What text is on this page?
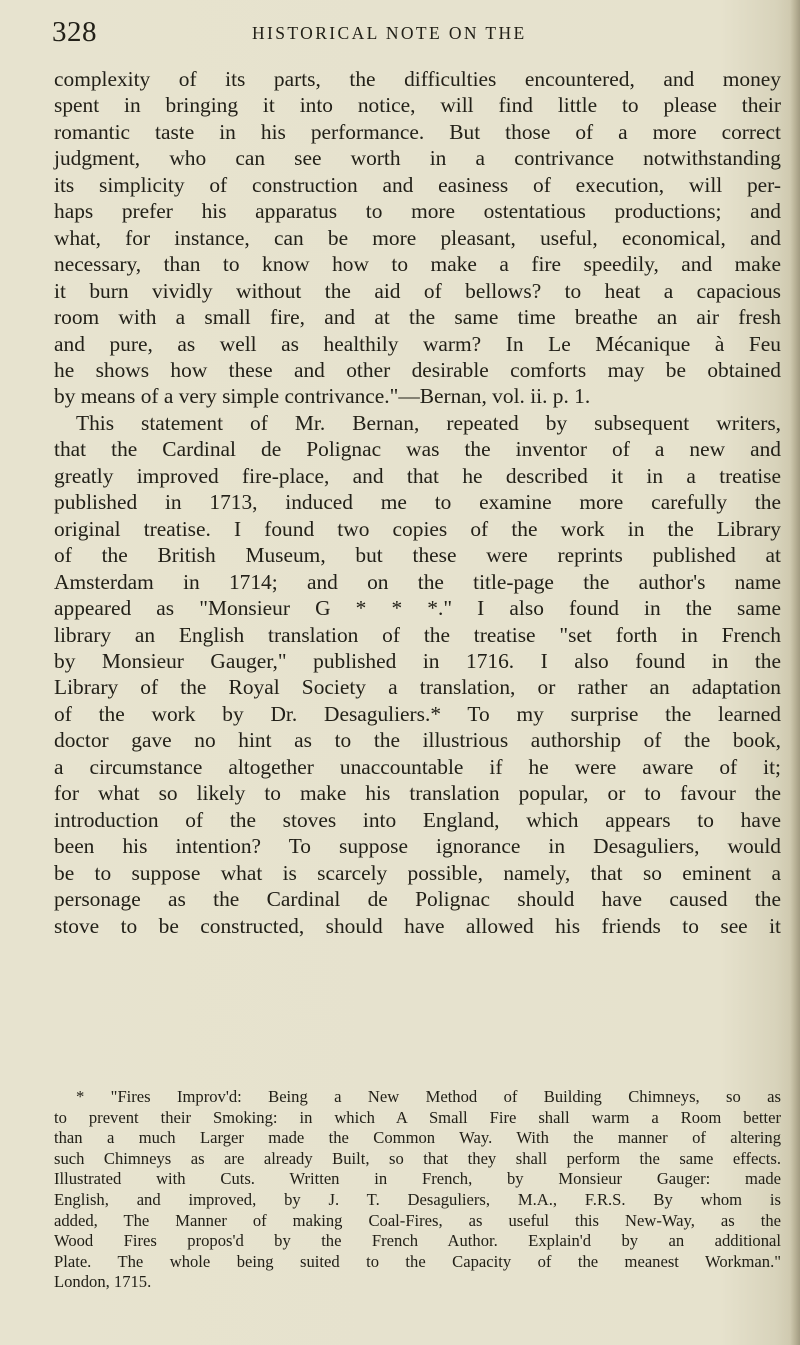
328	HISTORICAL NOTE ON THE
complexity of its parts, the difficulties encountered, and money
spent in bringing it into notice, will find little to please their
romantic taste in his performance. But those of a more correct
judgment, who can see worth in a contrivance notwithstanding
its simplicity of construction and easiness of execution, will per-
haps prefer his apparatus to more ostentatious productions; and
what, for instance, can be more pleasant, useful, economical, and
necessary, than to know how to make a fire speedily, and make
it burn vividly without the aid of bellows? to heat a capacious
room with a small fire, and at the same time breathe an air fresh
and pure, as well as healthily warm? In Le Mécanique à Feu
he shows how these and other desirable comforts may be obtained
by means of a very simple contrivance."—Bernan, vol. ii. p. 1.
This statement of Mr. Bernan, repeated by subsequent writers,
that the Cardinal de Polignac was the inventor of a new and
greatly improved fire-place, and that he described it in a treatise
published in 1713, induced me to examine more carefully the
original treatise. I found two copies of the work in the Library
of the British Museum, but these were reprints published at
Amsterdam in 1714; and on the title-page the author's name
appeared as "Monsieur G * * *." I also found in the same
library an English translation of the treatise "set forth in French
by Monsieur Gauger," published in 1716. I also found in the
Library of the Royal Society a translation, or rather an adaptation
of the work by Dr. Desaguliers.* To my surprise the learned
doctor gave no hint as to the illustrious authorship of the book,
a circumstance altogether unaccountable if he were aware of it;
for what so likely to make his translation popular, or to favour the
introduction of the stoves into England, which appears to have
been his intention? To suppose ignorance in Desaguliers, would
be to suppose what is scarcely possible, namely, that so eminent a
personage as the Cardinal de Polignac should have caused the
stove to be constructed, should have allowed his friends to see it
* "Fires Improv'd: Being a New Method of Building Chimneys, so as
to prevent their Smoking: in which A Small Fire shall warm a Room better
than a much Larger made the Common Way. With the manner of altering
such Chimneys as are already Built, so that they shall perform the same effects.
Illustrated with Cuts. Written in French, by Monsieur Gauger: made
English, and improved, by J. T. Desaguliers, M.A., F.R.S. By whom is
added, The Manner of making Coal-Fires, as useful this New-Way, as the
Wood Fires propos'd by the French Author. Explain'd by an additional
Plate. The whole being suited to the Capacity of the meanest Workman."
London, 1715.
